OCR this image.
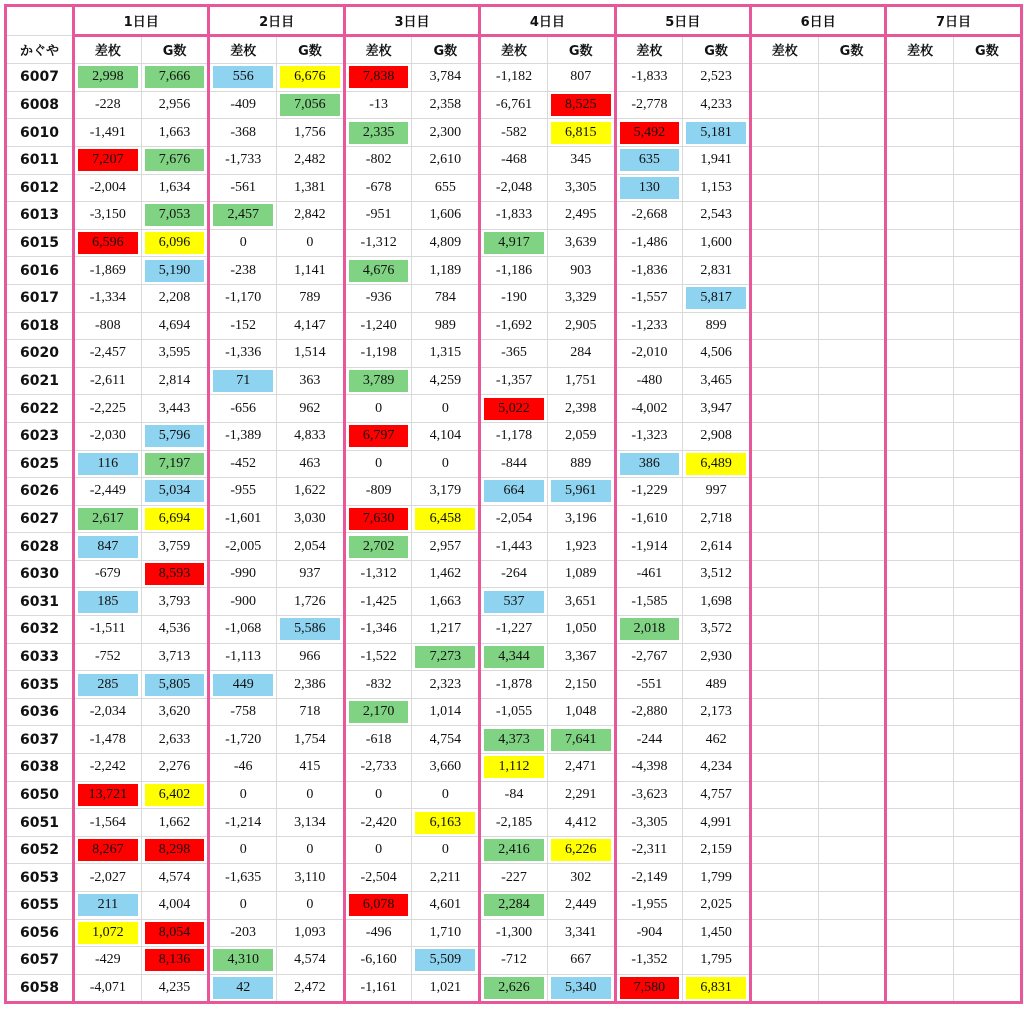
	1日目		2日目		3日目		4日目		5日目		6日目		7日目	
かぐや	差枚	G数	差枚	G数	差枚	G数	差枚	G数	差枚	G数	差枚	G数	差枚	G数
6007	2,998	7,666	556	6,676	7,838	3,784	-1,182	807	-1,833	2,523				

6008	-228	2,956	-409	7,056	-13	2,358	-6,761	8,525	-2,778	4,233				

6010	-1,491	1,663	-368	1,756	2,335	2,300	-582	6,815	5,492	5,181				

6011	7,207	7,676	-1,733	2,482	-802	2,610	-468	345	635	1,941				

6012	-2,004	1,634	-561	1,381	-678	655	-2,048	3,305	130	1,153				

6013	-3,150	7,053	2,457	2,842	-951	1,606	-1,833	2,495	-2,668	2,543				

6015	6,596	6,096	0	0	-1,312	4,809	4,917	3,639	-1,486	1,600				

6016	-1,869	5,190	-238	1,141	4,676	1,189	-1,186	903	-1,836	2,831				

6017	-1,334	2,208	-1,170	789	-936	784	-190	3,329	-1,557	5,817				

6018	-808	4,694	-152	4,147	-1,240	989	-1,692	2,905	-1,233	899				

6020	-2,457	3,595	-1,336	1,514	-1,198	1,315	-365	284	-2,010	4,506				

6021	-2,611	2,814	71	363	3,789	4,259	-1,357	1,751	-480	3,465				

6022	-2,225	3,443	-656	962	0	0	5,022	2,398	-4,002	3,947				

6023	-2,030	5,796	-1,389	4,833	6,797	4,104	-1,178	2,059	-1,323	2,908				

6025	116	7,197	-452	463	0	0	-844	889	386	6,489				

6026	-2,449	5,034	-955	1,622	-809	3,179	664	5,961	-1,229	997				

6027	2,617	6,694	-1,601	3,030	7,630	6,458	-2,054	3,196	-1,610	2,718				

6028	847	3,759	-2,005	2,054	2,702	2,957	-1,443	1,923	-1,914	2,614				

6030	-679	8,593	-990	937	-1,312	1,462	-264	1,089	-461	3,512				

6031	185	3,793	-900	1,726	-1,425	1,663	537	3,651	-1,585	1,698				

6032	-1,511	4,536	-1,068	5,586	-1,346	1,217	-1,227	1,050	2,018	3,572				

6033	-752	3,713	-1,113	966	-1,522	7,273	4,344	3,367	-2,767	2,930				

6035	285	5,805	449	2,386	-832	2,323	-1,878	2,150	-551	489				

6036	-2,034	3,620	-758	718	2,170	1,014	-1,055	1,048	-2,880	2,173				

6037	-1,478	2,633	-1,720	1,754	-618	4,754	4,373	7,641	-244	462				

6038	-2,242	2,276	-46	415	-2,733	3,660	1,112	2,471	-4,398	4,234				

6050	13,721	6,402	0	0	0	0	-84	2,291	-3,623	4,757				

6051	-1,564	1,662	-1,214	3,134	-2,420	6,163	-2,185	4,412	-3,305	4,991				

6052	8,267	8,298	0	0	0	0	2,416	6,226	-2,311	2,159				

6053	-2,027	4,574	-1,635	3,110	-2,504	2,211	-227	302	-2,149	1,799				

6055	211	4,004	0	0	6,078	4,601	2,284	2,449	-1,955	2,025				

6056	1,072	8,054	-203	1,093	-496	1,710	-1,300	3,341	-904	1,450				

6057	-429	8,136	4,310	4,574	-6,160	5,509	-712	667	-1,352	1,795				

6058	-4,071	4,235	42	2,472	-1,161	1,021	2,626	5,340	7,580	6,831				
